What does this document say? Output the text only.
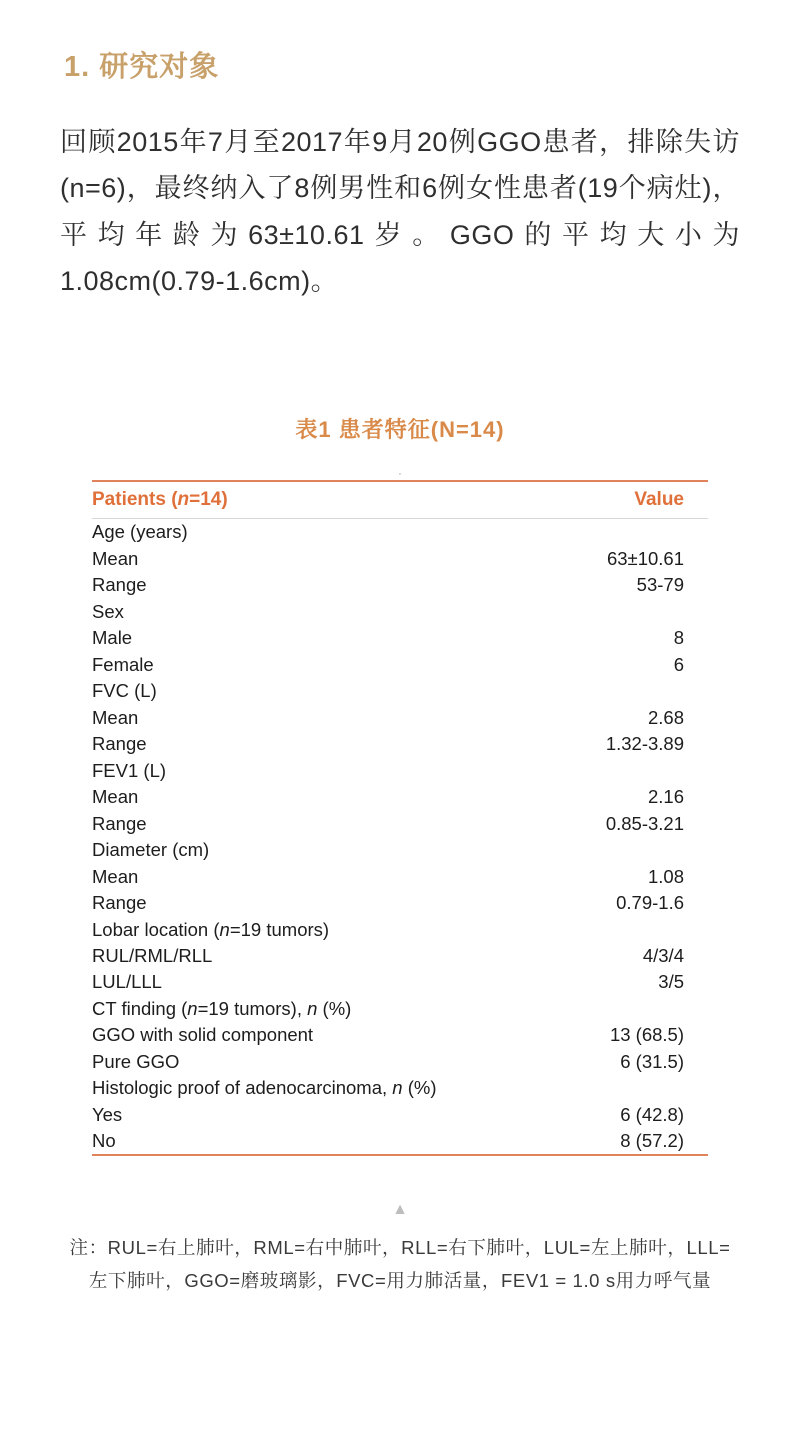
1. 研究对象

回顾2015年7月至2017年9月20例GGO患者，排除失访(n=6)，最终纳入了8例男性和6例女性患者(19个病灶)，平均年龄为63±10.61岁。GGO的平均大小为1.08cm(0.79-1.6cm)。

表1 患者特征(N=14)
·
Patients (n=14)	Value
Age (years)	
Mean	63±10.61
Range	53-79
Sex	
Male	8
Female	6
FVC (L)	
Mean	2.68
Range	1.32-3.89
FEV1 (L)	
Mean	2.16
Range	0.85-3.21
Diameter (cm)	
Mean	1.08
Range	0.79-1.6
Lobar location (n=19 tumors)	
RUL/RML/RLL	4/3/4
LUL/LLL	3/5
CT finding (n=19 tumors), n (%)	
GGO with solid component	13 (68.5)
Pure GGO	6 (31.5)
Histologic proof of adenocarcinoma, n (%)	
Yes	6 (42.8)
No	8 (57.2)
▲
注：RUL=右上肺叶，RML=右中肺叶，RLL=右下肺叶，LUL=左上肺叶，LLL=左下肺叶，GGO=磨玻璃影，FVC=用力肺活量，FEV1 = 1.0 s用力呼气量
